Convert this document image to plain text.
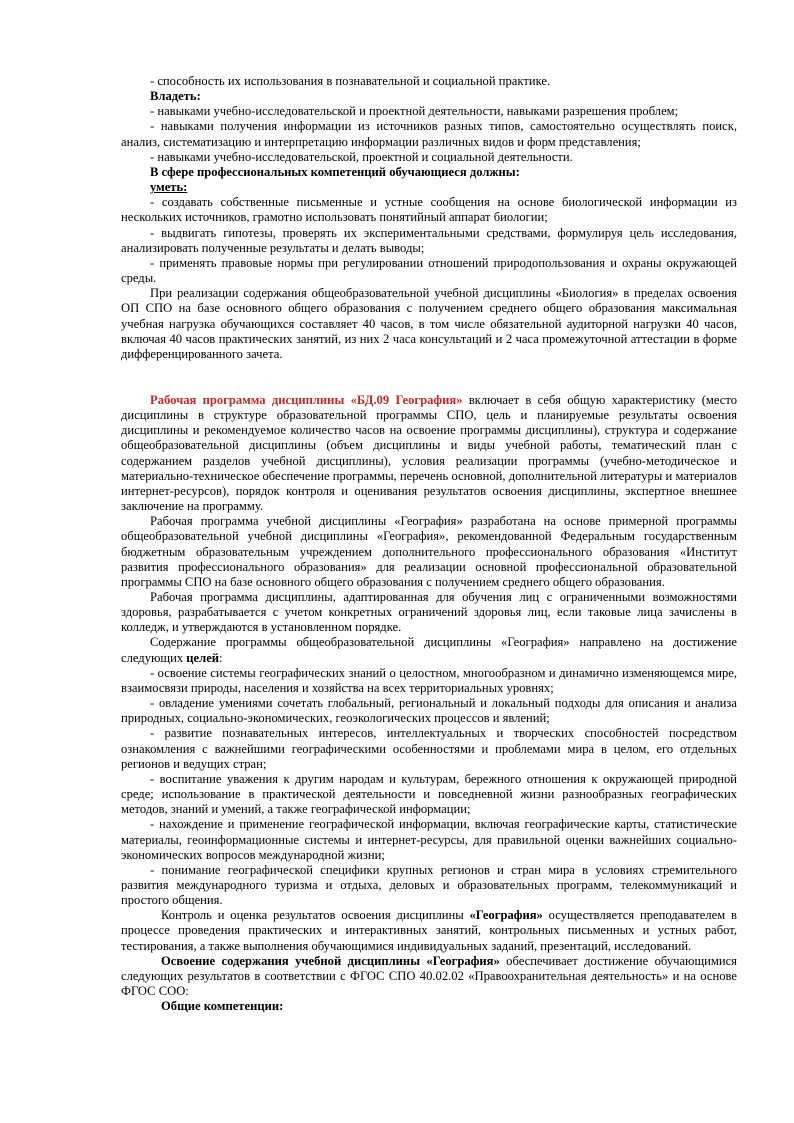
- способность их использования в познавательной и социальной практике.

Владеть:

- навыками учебно-исследовательской и проектной деятельности, навыками разрешения проблем;

- навыками получения информации из источников разных типов, самостоятельно осуществлять поиск, анализ, систематизацию и интерпретацию информации различных видов и форм представления;

- навыками учебно-исследовательской, проектной и социальной деятельности.

В сфере профессиональных компетенций обучающиеся должны:

уметь:

- создавать собственные письменные и устные сообщения на основе биологической информации из нескольких источников, грамотно использовать понятийный аппарат биологии;

- выдвигать гипотезы, проверять их экспериментальными средствами, формулируя цель исследования, анализировать полученные результаты и делать выводы;

- применять правовые нормы при регулировании отношений природопользования и охраны окружающей среды.

При реализации содержания общеобразовательной учебной дисциплины «Биология» в пределах освоения ОП СПО на базе основного общего образования с получением среднего общего образования максимальная учебная нагрузка обучающихся составляет 40 часов, в том числе обязательной аудиторной нагрузки 40 часов, включая 40 часов практических занятий, из них 2 часа консультаций и 2 часа промежуточной аттестации в форме дифференцированного зачета.

Рабочая программа дисциплины «БД.09 География» включает в себя общую характеристику (место дисциплины в структуре образовательной программы СПО, цель и планируемые результаты освоения дисциплины и рекомендуемое количество часов на освоение программы дисциплины), структура и содержание общеобразовательной дисциплины (объем дисциплины и виды учебной работы, тематический план с содержанием разделов учебной дисциплины), условия реализации программы (учебно-методическое и материально-техническое обеспечение программы, перечень основной, дополнительной литературы и материалов интернет-ресурсов), порядок контроля и оценивания результатов освоения дисциплины, экспертное внешнее заключение на программу.

Рабочая программа учебной дисциплины «География» разработана на основе примерной программы общеобразовательной учебной дисциплины «География», рекомендованной Федеральным государственным бюджетным образовательным учреждением дополнительного профессионального образования «Институт развития профессионального образования» для реализации основной профессиональной образовательной программы СПО на базе основного общего образования с получением среднего общего образования.

Рабочая программа дисциплины, адаптированная для обучения лиц с ограниченными возможностями здоровья, разрабатывается с учетом конкретных ограничений здоровья лиц, если таковые лица зачислены в колледж, и утверждаются в установленном порядке.

Содержание программы общеобразовательной дисциплины «География» направлено на достижение следующих целей:

- освоение системы географических знаний о целостном, многообразном и динамично изменяющемся мире, взаимосвязи природы, населения и хозяйства на всех территориальных уровнях;

- овладение умениями сочетать глобальный, региональный и локальный подходы для описания и анализа природных, социально-экономических, геоэкологических процессов и явлений;

- развитие познавательных интересов, интеллектуальных и творческих способностей посредством ознакомления с важнейшими географическими особенностями и проблемами мира в целом, его отдельных регионов и ведущих стран;

- воспитание уважения к другим народам и культурам, бережного отношения к окружающей природной среде; использование в практической деятельности и повседневной жизни разнообразных географических методов, знаний и умений, а также географической информации;

- нахождение и применение географической информации, включая географические карты, статистические материалы, геоинформационные системы и интернет-ресурсы, для правильной оценки важнейших социально-экономических вопросов международной жизни;

- понимание географической специфики крупных регионов и стран мира в условиях стремительного развития международного туризма и отдыха, деловых и образовательных программ, телекоммуникаций и простого общения.

Контроль и оценка результатов освоения дисциплины «География» осуществляется преподавателем в процессе проведения практических и интерактивных занятий, контрольных письменных и устных работ, тестирования, а также выполнения обучающимися индивидуальных заданий, презентаций, исследований.

Освоение содержания учебной дисциплины «География» обеспечивает достижение обучающимися следующих результатов в соответствии с ФГОС СПО 40.02.02 «Правоохранительная деятельность» и на основе ФГОС СОО:

Общие компетенции:
